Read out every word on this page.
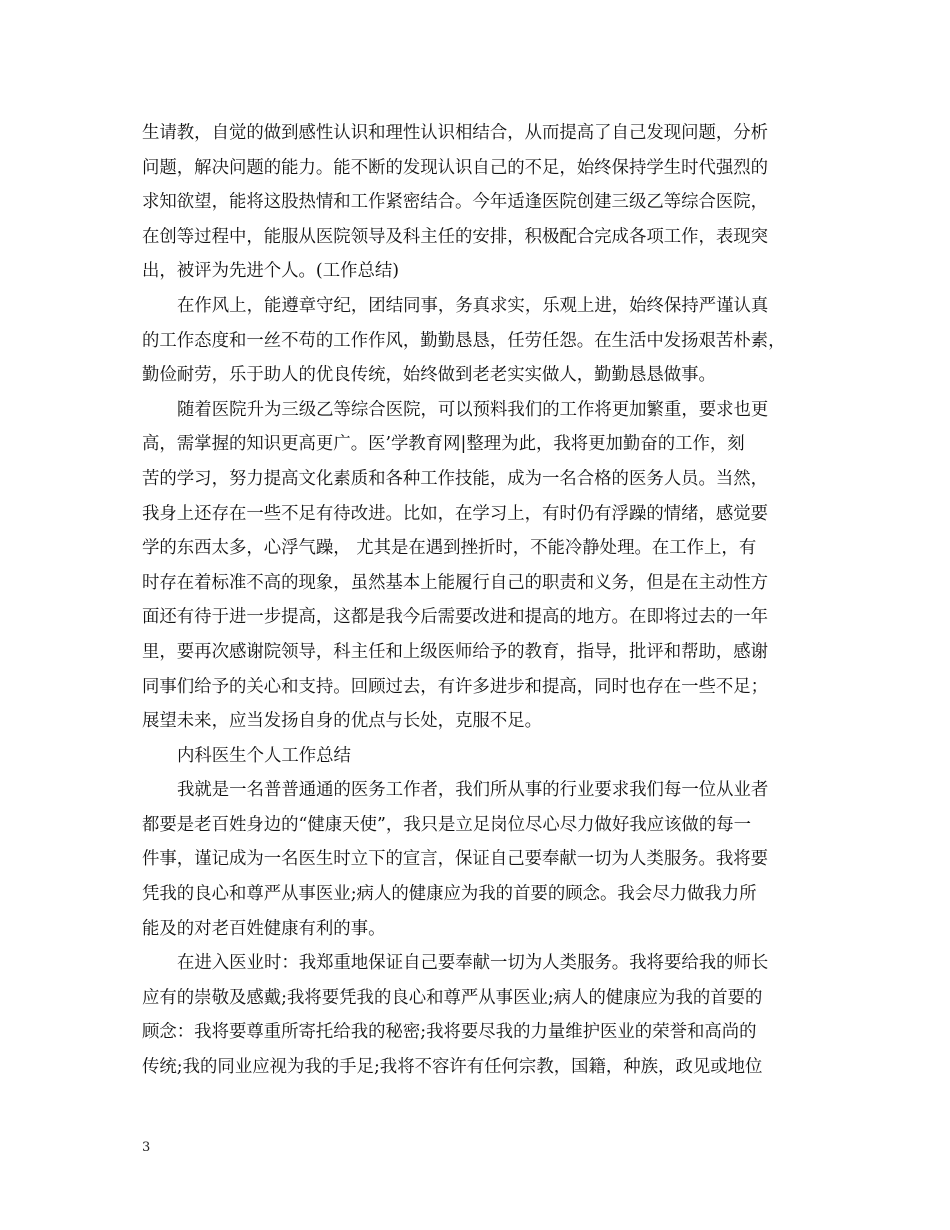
生请教，自觉的做到感性认识和理性认识相结合，从而提高了自己发现问题，分析
问题，解决问题的能力。能不断的发现认识自己的不足，始终保持学生时代强烈的
求知欲望，能将这股热情和工作紧密结合。今年适逢医院创建三级乙等综合医院，
在创等过程中，能服从医院领导及科主任的安排，积极配合完成各项工作，表现突
出，被评为先进个人。(工作总结)
在作风上，能遵章守纪，团结同事，务真求实，乐观上进，始终保持严谨认真
的工作态度和一丝不苟的工作作风，勤勤恳恳，任劳任怨。在生活中发扬艰苦朴素，
勤俭耐劳，乐于助人的优良传统，始终做到老老实实做人，勤勤恳恳做事。
随着医院升为三级乙等综合医院，可以预料我们的工作将更加繁重，要求也更
高，需掌握的知识更高更广。医’学教育网|整理为此，我将更加勤奋的工作，刻
苦的学习，努力提高文化素质和各种工作技能，成为一名合格的医务人员。当然，
我身上还存在一些不足有待改进。比如，在学习上，有时仍有浮躁的情绪，感觉要
学的东西太多，心浮气躁， 尤其是在遇到挫折时，不能冷静处理。在工作上，有
时存在着标准不高的现象，虽然基本上能履行自己的职责和义务，但是在主动性方
面还有待于进一步提高，这都是我今后需要改进和提高的地方。在即将过去的一年
里，要再次感谢院领导，科主任和上级医师给予的教育，指导，批评和帮助，感谢
同事们给予的关心和支持。回顾过去，有许多进步和提高，同时也存在一些不足；
展望未来，应当发扬自身的优点与长处，克服不足。
内科医生个人工作总结
我就是一名普普通通的医务工作者，我们所从事的行业要求我们每一位从业者
都要是老百姓身边的“健康天使”，我只是立足岗位尽心尽力做好我应该做的每一
件事，谨记成为一名医生时立下的宣言，保证自己要奉献一切为人类服务。我将要
凭我的良心和尊严从事医业;病人的健康应为我的首要的顾念。我会尽力做我力所
能及的对老百姓健康有利的事。
在进入医业时：我郑重地保证自己要奉献一切为人类服务。我将要给我的师长
应有的崇敬及感戴;我将要凭我的良心和尊严从事医业;病人的健康应为我的首要的
顾念：我将要尊重所寄托给我的秘密;我将要尽我的力量维护医业的荣誉和高尚的
传统;我的同业应视为我的手足;我将不容许有任何宗教，国籍，种族，政见或地位
3
